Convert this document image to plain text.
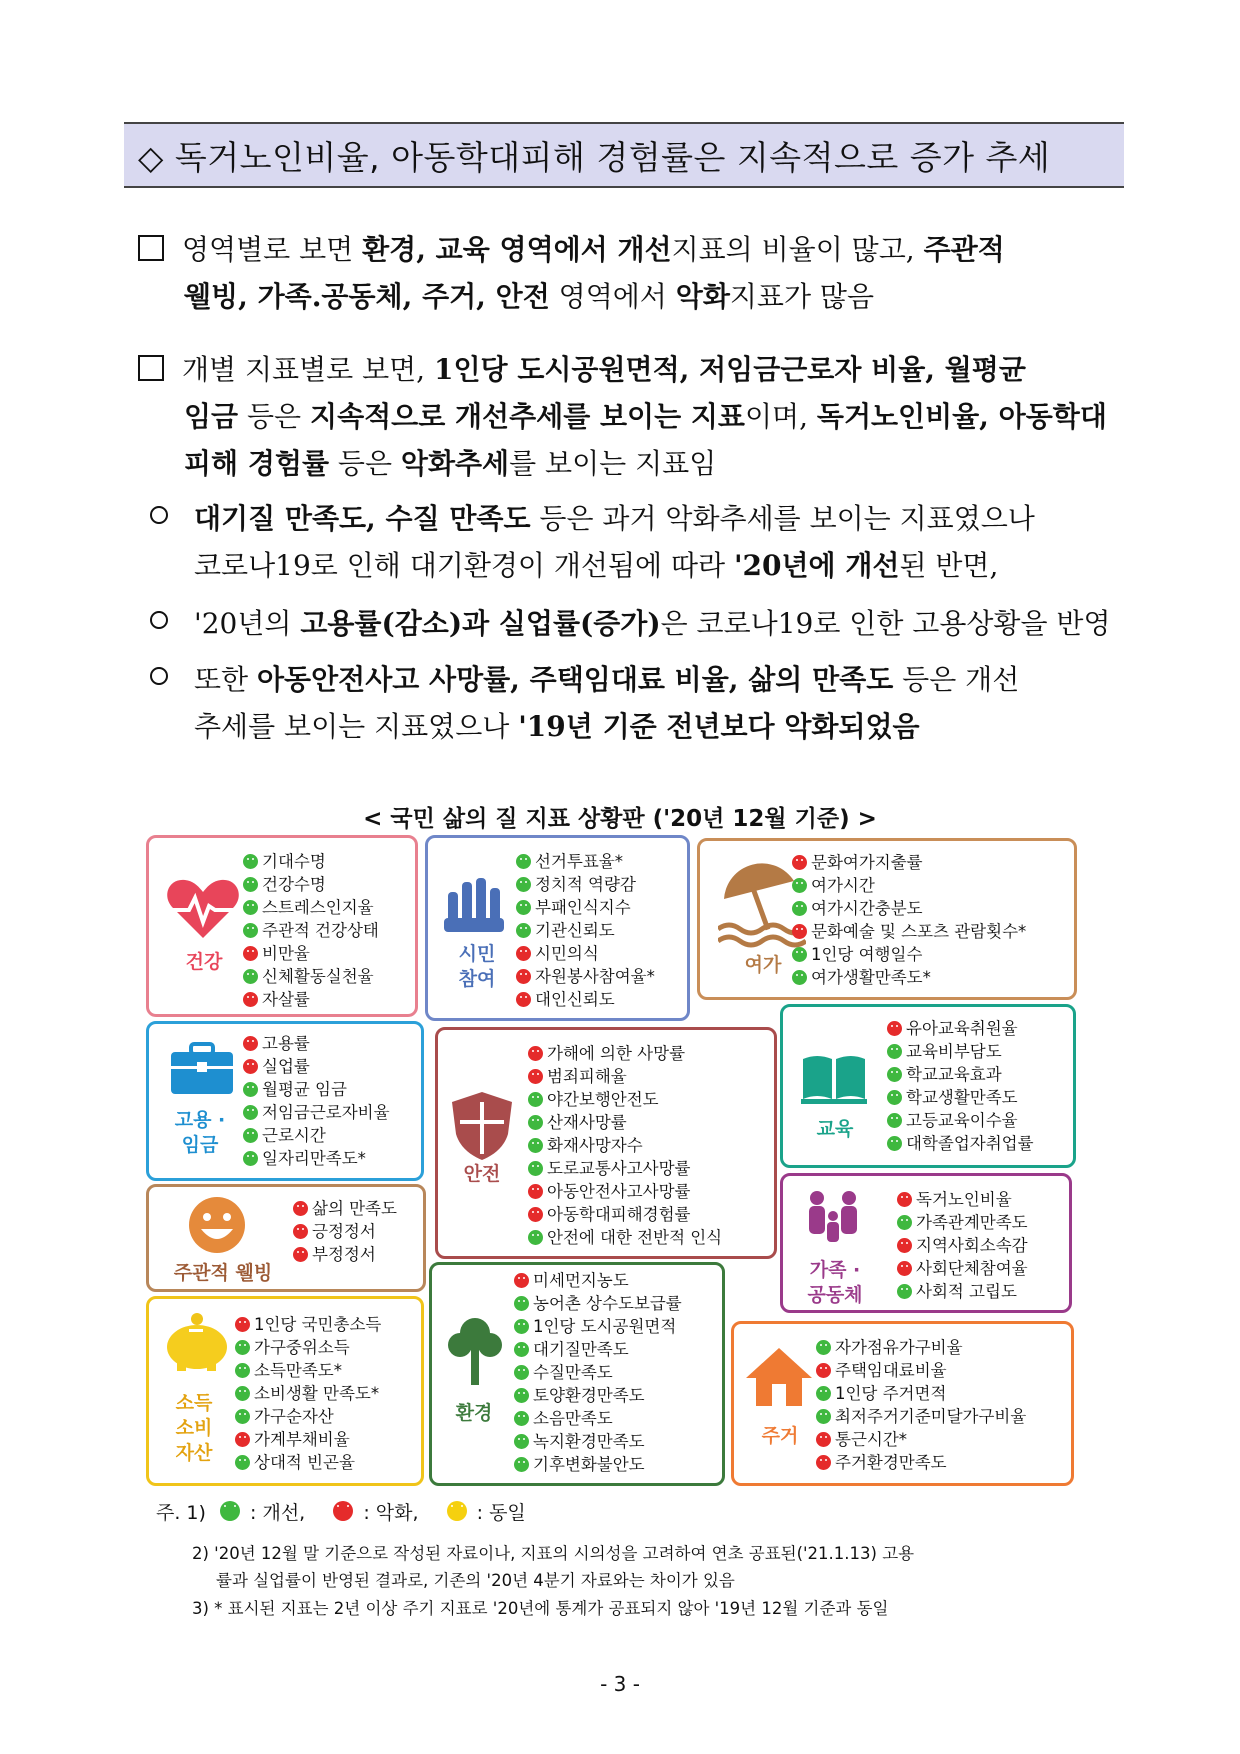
◇ 독거노인비율, 아동학대피해 경험률은 지속적으로 증가 추세
영역별로 보면 환경, 교육 영역에서 개선지표의 비율이 많고, 주관적
웰빙, 가족.공동체, 주거, 안전 영역에서 악화지표가 많음
개별 지표별로 보면, 1인당 도시공원면적, 저임금근로자 비율, 월평균
임금 등은 지속적으로 개선추세를 보이는 지표이며, 독거노인비율, 아동학대
피해 경험률 등은 악화추세를 보이는 지표임
대기질 만족도, 수질 만족도 등은 과거 악화추세를 보이는 지표였으나
코로나19로 인해 대기환경이 개선됨에 따라 '20년에 개선된 반면,
'20년의 고용률(감소)과 실업률(증가)은 코로나19로 인한 고용상황을 반영
또한 아동안전사고 사망률, 주택임대료 비율, 삶의 만족도 등은 개선
추세를 보이는 지표였으나 '19년 기준 전년보다 악화되었음
< 국민 삶의 질 지표 상황판 ('20년 12월 기준) >
건강
기대수명
건강수명
스트레스인지율
주관적 건강상태
비만율
신체활동실천율
자살률
시민
참여
선거투표율*
정치적 역량감
부패인식지수
기관신뢰도
시민의식
자원봉사참여율*
대인신뢰도
여가
문화여가지출률
여가시간
여가시간충분도
문화예술 및 스포츠 관람횟수*
1인당 여행일수
여가생활만족도*
고용 ·
임금
고용률
실업률
월평균 임금
저임금근로자비율
근로시간
일자리만족도*
안전
가해에 의한 사망률
범죄피해율
야간보행안전도
산재사망률
화재사망자수
도로교통사고사망률
아동안전사고사망률
아동학대피해경험률
안전에 대한 전반적 인식
교육
유아교육취원율
교육비부담도
학교교육효과
학교생활만족도
고등교육이수율
대학졸업자취업률
주관적 웰빙
삶의 만족도
긍정정서
부정정서
가족 ·
공동체
독거노인비율
가족관계만족도
지역사회소속감
사회단체참여율
사회적 고립도
소득
소비
자산
1인당 국민총소득
가구중위소득
소득만족도*
소비생활 만족도*
가구순자산
가계부채비율
상대적 빈곤율
환경
미세먼지농도
농어촌 상수도보급률
1인당 도시공원면적
대기질만족도
수질만족도
토양환경만족도
소음만족도
녹지환경만족도
기후변화불안도
주거
자가점유가구비율
주택임대료비율
1인당 주거면적
최저주거기준미달가구비율
통근시간*
주거환경만족도
주. 1) : 개선,	: 악화,	: 동일
2) '20년 12월 말 기준으로 작성된 자료이나, 지표의 시의성을 고려하여 연초 공표된('21.1.13) 고용
률과 실업률이 반영된 결과로, 기존의 '20년 4분기 자료와는 차이가 있음
3) * 표시된 지표는 2년 이상 주기 지표로 '20년에 통계가 공표되지 않아 '19년 12월 기준과 동일
- 3 -
